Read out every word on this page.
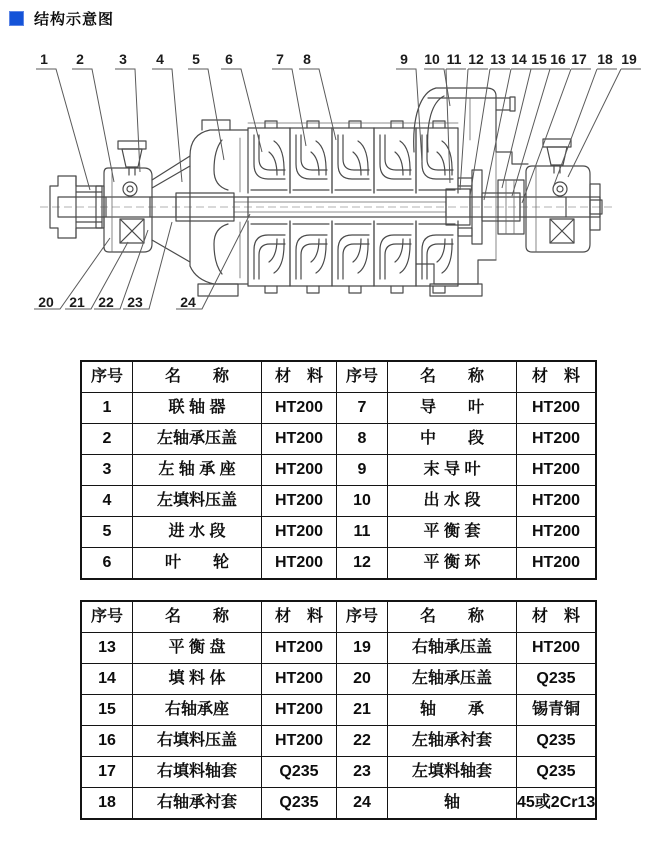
结构示意图
1 2	3 4 5 6	7 8	9 10 11 12 13 14 15 16 17 18 19
20 21 22 23	24
序号	名　　称	材　料	序号	名　　称	材　料
1	联 轴 器	HT200	7	导　　叶	HT200
2	左轴承压盖	HT200	8	中　　段	HT200
3	左 轴 承 座	HT200	9	末 导 叶	HT200
4	左填料压盖	HT200	10	出 水 段	HT200
5	进 水 段	HT200	11	平 衡 套	HT200
6	叶　　轮	HT200	12	平 衡 环	HT200
序号	名　　称	材　料	序号	名　　称	材　料
13	平 衡 盘	HT200	19	右轴承压盖	HT200
14	填 料 体	HT200	20	左轴承压盖	Q235
15	右轴承座	HT200	21	轴　　承	锡青铜
16	右填料压盖	HT200	22	左轴承衬套	Q235
17	右填料轴套	Q235	23	左填料轴套	Q235
18	右轴承衬套	Q235	24	轴	45或2Cr13
